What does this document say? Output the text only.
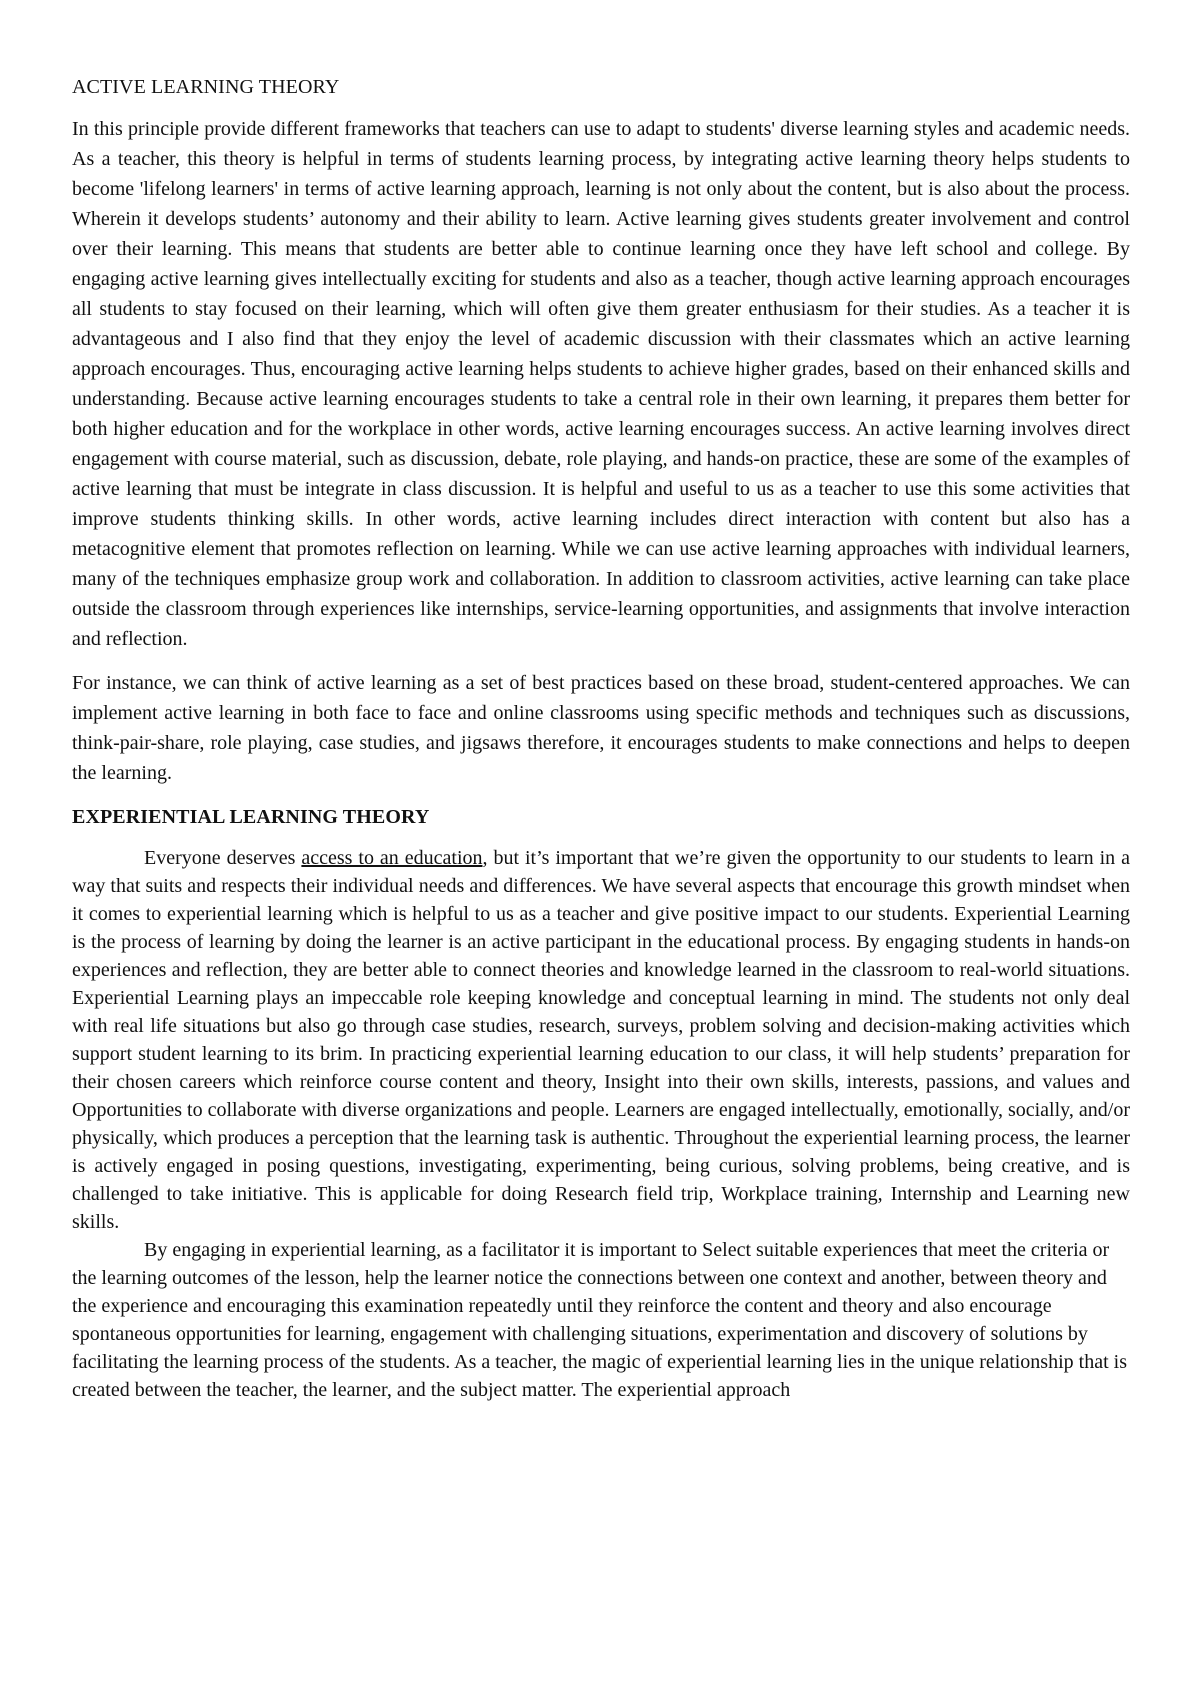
ACTIVE LEARNING THEORY

In this principle provide different frameworks that teachers can use to adapt to students' diverse learning styles and academic needs. As a teacher, this theory is helpful in terms of students learning process, by integrating active learning theory helps students to become 'lifelong learners' in terms of active learning approach, learning is not only about the content, but is also about the process. Wherein it develops students’ autonomy and their ability to learn. Active learning gives students greater involvement and control over their learning. This means that students are better able to continue learning once they have left school and college. By engaging active learning gives intellectually exciting for students and also as a teacher, though active learning approach encourages all students to stay focused on their learning, which will often give them greater enthusiasm for their studies. As a teacher it is advantageous and I also find that they enjoy the level of academic discussion with their classmates which an active learning approach encourages. Thus, encouraging active learning helps students to achieve higher grades, based on their enhanced skills and understanding. Because active learning encourages students to take a central role in their own learning, it prepares them better for both higher education and for the workplace in other words, active learning encourages success. An active learning involves direct engagement with course material, such as discussion, debate, role playing, and hands-on practice, these are some of the examples of active learning that must be integrate in class discussion. It is helpful and useful to us as a teacher to use this some activities that improve students thinking skills. In other words, active learning includes direct interaction with content but also has a metacognitive element that promotes reflection on learning. While we can use active learning approaches with individual learners, many of the techniques emphasize group work and collaboration. In addition to classroom activities, active learning can take place outside the classroom through experiences like internships, service-learning opportunities, and assignments that involve interaction and reflection.

For instance, we can think of active learning as a set of best practices based on these broad, student-centered approaches. We can implement active learning in both face to face and online classrooms using specific methods and techniques such as discussions, think-pair-share, role playing, case studies, and jigsaws therefore, it encourages students to make connections and helps to deepen the learning.

EXPERIENTIAL LEARNING THEORY

Everyone deserves access to an education, but it’s important that we’re given the opportunity to our students to learn in a way that suits and respects their individual needs and differences. We have several aspects that encourage this growth mindset when it comes to experiential learning which is helpful to us as a teacher and give positive impact to our students. Experiential Learning is the process of learning by doing the learner is an active participant in the educational process. By engaging students in hands-on experiences and reflection, they are better able to connect theories and knowledge learned in the classroom to real-world situations. Experiential Learning plays an impeccable role keeping knowledge and conceptual learning in mind. The students not only deal with real life situations but also go through case studies, research, surveys, problem solving and decision-making activities which support student learning to its brim. In practicing experiential learning education to our class, it will help students’ preparation for their chosen careers which reinforce course content and theory, Insight into their own skills, interests, passions, and values and Opportunities to collaborate with diverse organizations and people. Learners are engaged intellectually, emotionally, socially, and/or physically, which produces a perception that the learning task is authentic. Throughout the experiential learning process, the learner is actively engaged in posing questions, investigating, experimenting, being curious, solving problems, being creative, and is challenged to take initiative. This is applicable for doing Research field trip, Workplace training, Internship and Learning new skills.

By engaging in experiential learning, as a facilitator it is important to Select suitable experiences that meet the criteria or the learning outcomes of the lesson, help the learner notice the connections between one context and another, between theory and the experience and encouraging this examination repeatedly until they reinforce the content and theory and also encourage spontaneous opportunities for learning, engagement with challenging situations, experimentation and discovery of solutions by facilitating the learning process of the students. As a teacher, the magic of experiential learning lies in the unique relationship that is created between the teacher, the learner, and the subject matter. The experiential approach
